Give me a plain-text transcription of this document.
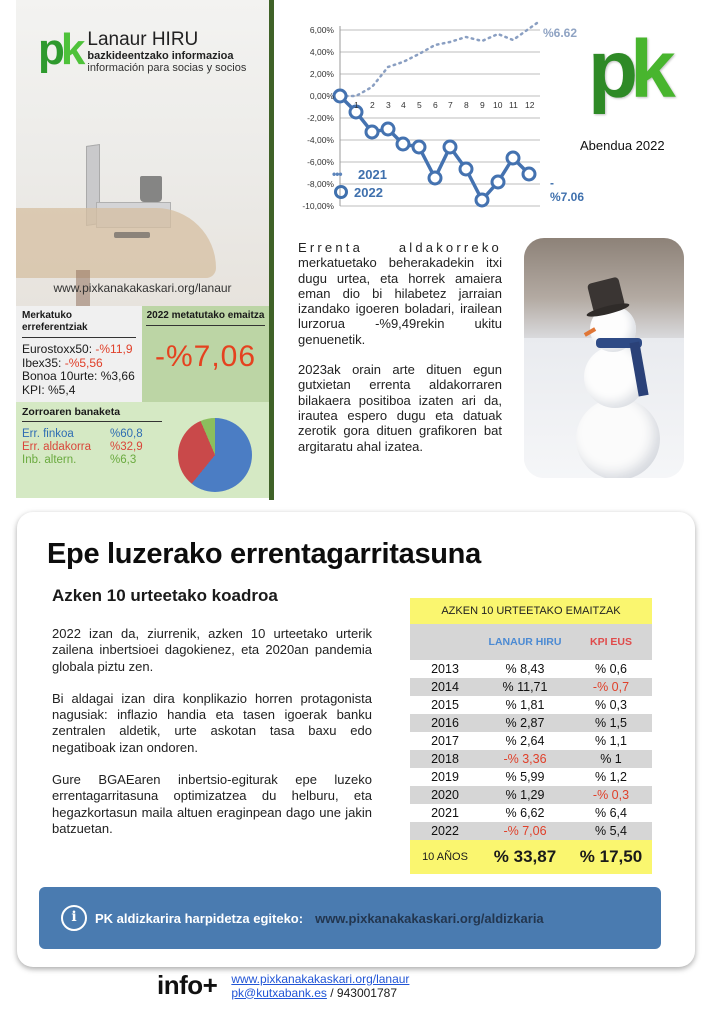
pk Lanaur HIRU
bazkideentzako informazioa
información para socias y socios
www.pixkanakakaskari.org/lanaur
Merkatuko erreferentziak
Eurostoxx50: -%11,9
Ibex35: -%5,56
Bonoa 10urte: %3,66
KPI: %5,4
2022 metatutako emaitza
-%7,06
Zorroaren banaketa
Err. finkoa	%60,8
Err. aldakorra	%32,9
Inb. altern.	%6,3
6,00%
4,00%
2,00%
0,00%
-2,00%
-4,00%
-6,00%
-8,00%
-10,00%
1 2 3 4 5 6 7 8 9 10 11 12
%6.62
-%7.06
•••	2021
2022
pk
Abendua 2022

Errenta aldakorreko merkatuetako beherakadekin itxi dugu urtea, eta horrek amaiera eman dio bi hilabetez jarraian izandako igoeren boladari, irailean lurzorua -%9,49rekin ukitu genuenetik.

2023ak orain arte dituen egun gutxietan errenta aldakorraren bilakaera positiboa izaten ari da, irautea espero dugu eta datuak zerotik gora dituen grafikoren bat argitaratu ahal izatea.

Epe luzerako errentagarritasuna
Azken 10 urteetako koadroa

2022 izan da, ziurrenik, azken 10 urteetako urterik zailena inbertsioei dagokienez, eta 2020an pandemia globala piztu zen.

Bi aldagai izan dira konplikazio horren protagonista nagusiak: inflazio handia eta tasen igoerak banku zentralen aldetik, urte askotan tasa baxu edo negatiboak izan ondoren.

Gure BGAEaren inbertsio-egiturak epe luzeko errentagarritasuna optimizatzea du helburu, eta hegazkortasun maila altuen eraginpean dago une jakin batzuetan.

AZKEN 10 URTEETAKO EMAITZAK
LANAUR HIRU	KPI EUS
2013	% 8,43	% 0,6
2014	% 11,71	-% 0,7
2015	% 1,81	% 0,3
2016	% 2,87	% 1,5
2017	% 2,64	% 1,1
2018	-% 3,36	% 1
2019	% 5,99	% 1,2
2020	% 1,29	-% 0,3
2021	% 6,62	% 6,4
2022	-% 7,06	% 5,4
10 AÑOS	% 33,87	% 17,50
i	PK aldizkarira harpidetza egiteko: www.pixkanakakaskari.org/aldizkaria
info+ www.pixkanakakaskari.org/lanaur
pk@kutxabank.es / 943001787
